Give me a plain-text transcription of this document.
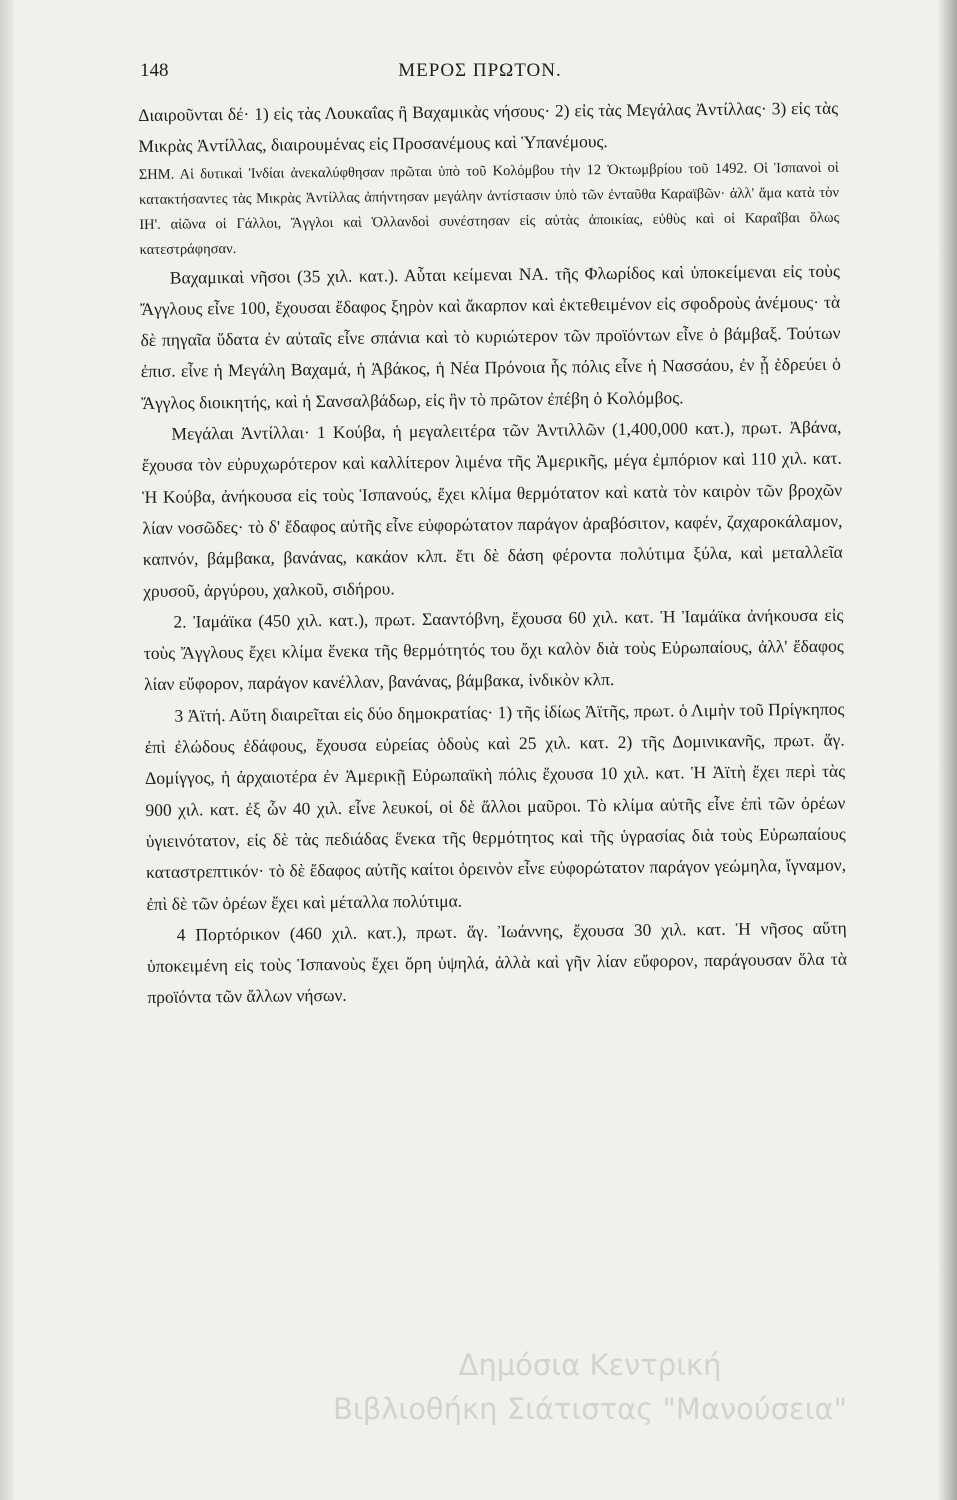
148	ΜΕΡΟΣ ΠΡΩΤΟΝ.

Διαιροῦνται δέ· 1) εἰς τὰς Λουκαΐας ἢ Βαχαμικὰς νήσους· 2) εἰς τὰς Μεγάλας Ἀντίλλας· 3) εἰς τὰς Μικρὰς Ἀντίλλας, διαιρουμένας εἰς Προσανέμους καὶ Ὑπανέμους.

ΣΗΜ. Αἱ δυτικαὶ Ἰνδίαι ἀνεκαλύφθησαν πρῶται ὑπὸ τοῦ Κολόμβου τὴν 12 Ὀκτωμβρίου τοῦ 1492. Οἱ Ἱσπανοὶ οἱ κατακτήσαντες τὰς Μικρὰς Ἀντίλλας ἀπήντησαν μεγάλην ἀντίστασιν ὑπὸ τῶν ἐνταῦθα Καραϊβῶν· ἀλλ' ἅμα κατὰ τὸν ΙΗ'. αἰῶνα οἱ Γάλλοι, Ἄγγλοι καὶ Ὁλλανδοὶ συνέστησαν εἰς αὐτὰς ἀποικίας, εὐθὺς καὶ οἱ Καραΐβαι ὅλως κατεστράφησαν.

Βαχαμικαὶ νῆσοι (35 χιλ. κατ.). Αὗται κείμεναι ΝΑ. τῆς Φλωρίδος καὶ ὑποκείμεναι εἰς τοὺς Ἄγγλους εἶνε 100, ἔχουσαι ἔδαφος ξηρὸν καὶ ἄκαρπον καὶ ἐκτεθειμένον εἰς σφοδροὺς ἀνέμους· τὰ δὲ πηγαῖα ὕδατα ἐν αὐταῖς εἶνε σπάνια καὶ τὸ κυριώτερον τῶν προϊόντων εἶνε ὁ βάμβαξ. Τούτων ἐπισ. εἶνε ἡ Μεγάλη Βαχαμά, ἡ Ἀβάκος, ἡ Νέα Πρόνοια ἧς πόλις εἶνε ἡ Νασσάου, ἐν ᾗ ἑδρεύει ὁ Ἄγγλος διοικητής, καὶ ἡ Σανσαλβάδωρ, εἰς ἣν τὸ πρῶτον ἐπέβη ὁ Κολόμβος.

Μεγάλαι Ἀντίλλαι· 1 Κούβα, ἡ μεγαλειτέρα τῶν Ἀντιλλῶν (1,400,000 κατ.), πρωτ. Ἀβάνα, ἔχουσα τὸν εὐρυχωρότερον καὶ καλλίτερον λιμένα τῆς Ἀμερικῆς, μέγα ἐμπόριον καὶ 110 χιλ. κατ. Ἡ Κούβα, ἀνήκουσα εἰς τοὺς Ἱσπανούς, ἔχει κλίμα θερμότατον καὶ κατὰ τὸν καιρὸν τῶν βροχῶν λίαν νοσῶδες· τὸ δ' ἔδαφος αὐτῆς εἶνε εὐφορώτατον παράγον ἀραβόσιτον, καφέν, ζαχαροκάλαμον, καπνόν, βάμβακα, βανάνας, κακάον κλπ. ἔτι δὲ δάση φέροντα πολύτιμα ξύλα, καὶ μεταλλεῖα χρυσοῦ, ἀργύρου, χαλκοῦ, σιδήρου.

2. Ἰαμάϊκα (450 χιλ. κατ.), πρωτ. Σααντόβνη, ἔχουσα 60 χιλ. κατ. Ἡ Ἰαμάϊκα ἀνήκουσα εἰς τοὺς Ἄγγλους ἔχει κλίμα ἕνεκα τῆς θερμότητός του ὄχι καλὸν διὰ τοὺς Εὐρωπαίους, ἀλλ' ἔδαφος λίαν εὔφορον, παράγον κανέλλαν, βανάνας, βάμβακα, ἰνδικὸν κλπ.

3 Ἀϊτή. Αὕτη διαιρεῖται εἰς δύο δημοκρατίας· 1) τῆς ἰδίως Ἀϊτῆς, πρωτ. ὁ Λιμὴν τοῦ Πρίγκηπος ἐπὶ ἐλώδους ἐδάφους, ἔχουσα εὐρείας ὁδοὺς καὶ 25 χιλ. κατ. 2) τῆς Δομινικανῆς, πρωτ. ἅγ. Δομίγγος, ἡ ἀρχαιοτέρα ἐν Ἀμερικῇ Εὐρωπαϊκὴ πόλις ἔχουσα 10 χιλ. κατ. Ἡ Ἀϊτὴ ἔχει περὶ τὰς 900 χιλ. κατ. ἐξ ὧν 40 χιλ. εἶνε λευκοί, οἱ δὲ ἄλλοι μαῦροι. Τὸ κλίμα αὐτῆς εἶνε ἐπὶ τῶν ὀρέων ὑγιεινότατον, εἰς δὲ τὰς πεδιάδας ἕνεκα τῆς θερμότητος καὶ τῆς ὑγρασίας διὰ τοὺς Εὐρωπαίους καταστρεπτικόν· τὸ δὲ ἔδαφος αὐτῆς καίτοι ὀρεινὸν εἶνε εὐφορώτατον παράγον γεώμηλα, ἴγναμον, ἐπὶ δὲ τῶν ὀρέων ἔχει καὶ μέταλλα πολύτιμα.

4 Πορτόρικον (460 χιλ. κατ.), πρωτ. ἅγ. Ἰωάννης, ἔχουσα 30 χιλ. κατ. Ἡ νῆσος αὕτη ὑποκειμένη εἰς τοὺς Ἱσπανοὺς ἔχει ὄρη ὑψηλά, ἀλλὰ καὶ γῆν λίαν εὔφορον, παράγουσαν ὅλα τὰ προϊόντα τῶν ἄλλων νήσων.

Δημόσια Κεντρική
Βιβλιοθήκη Σιάτιστας "Μανούσεια"
